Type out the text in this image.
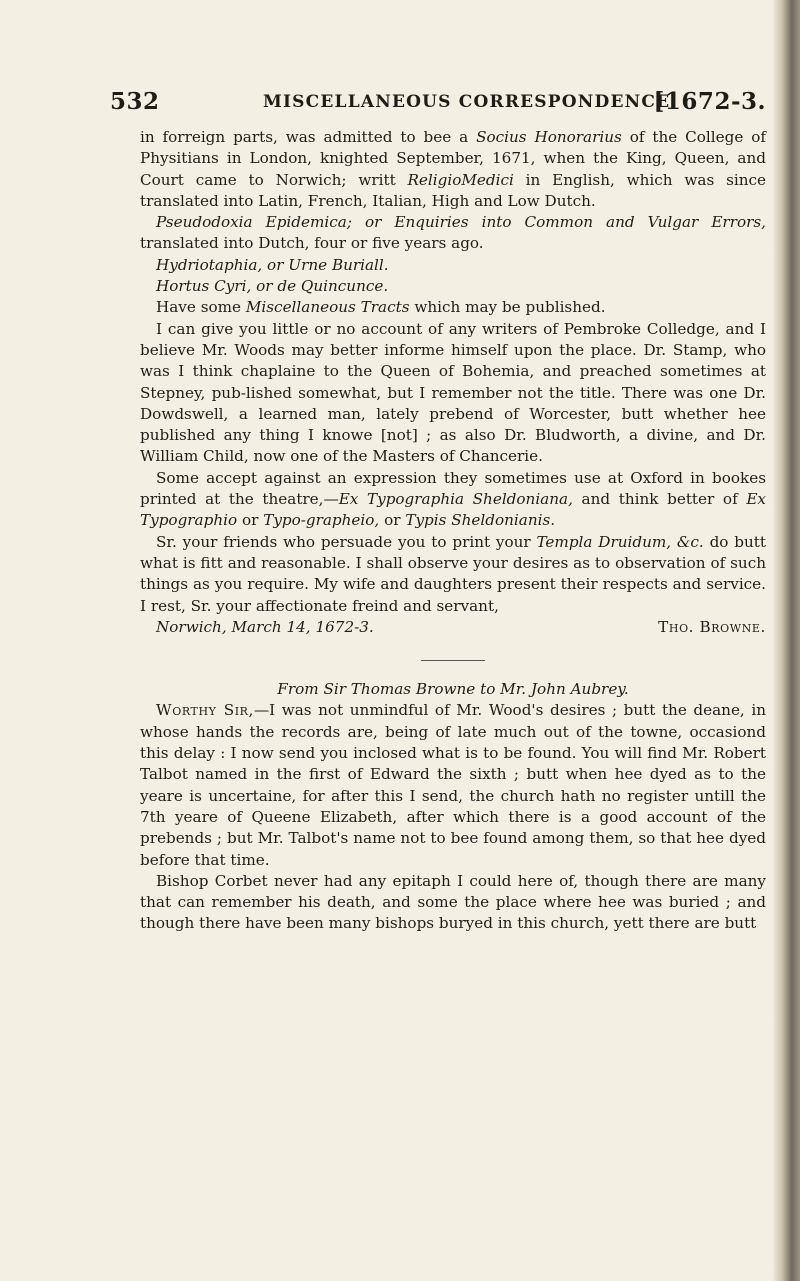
532	MISCELLANEOUS CORRESPONDENCE.
[1672-3.

in forreign parts, was admitted to bee a Socius Honorarius of the College of Physitians in London, knighted September, 1671, when the King, Queen, and Court came to Norwich; writt ReligioMedici in English, which was since translated into Latin, French, Italian, High and Low Dutch.

Pseudodoxia Epidemica; or Enquiries into Common and Vulgar Errors, translated into Dutch, four or five years ago.

Hydriotaphia, or Urne Buriall.

Hortus Cyri, or de Quincunce.

Have some Miscellaneous Tracts which may be published.

I can give you little or no account of any writers of Pembroke Colledge, and I believe Mr. Woods may better informe himself upon the place. Dr. Stamp, who was I think chaplaine to the Queen of Bohemia, and preached sometimes at Stepney, pub-lished somewhat, but I remember not the title. There was one Dr. Dowdswell, a learned man, lately prebend of Worcester, butt whether hee published any thing I knowe [not] ; as also Dr. Bludworth, a divine, and Dr. William Child, now one of the Masters of Chancerie.

Some accept against an expression they sometimes use at Oxford in bookes printed at the theatre,—Ex Typographia Sheldoniana, and think better of Ex Typographio or Typo-grapheio, or Typis Sheldonianis.

Sr. your friends who persuade you to print your Templa Druidum, &c. do butt what is fitt and reasonable. I shall observe your desires as to observation of such things as you require. My wife and daughters present their respects and service. I rest, Sr. your affectionate freind and servant,

Norwich, March 14, 1672-3.	Tho. Browne.

From Sir Thomas Browne to Mr. John Aubrey.

Worthy Sir,—I was not unmindful of Mr. Wood's desires ; butt the deane, in whose hands the records are, being of late much out of the towne, occasiond this delay : I now send you inclosed what is to be found. You will find Mr. Robert Talbot named in the first of Edward the sixth ; butt when hee dyed as to the yeare is uncertaine, for after this I send, the church hath no register untill the 7th yeare of Queene Elizabeth, after which there is a good account of the prebends ; but Mr. Talbot's name not to bee found among them, so that hee dyed before that time.

Bishop Corbet never had any epitaph I could here of, though there are many that can remember his death, and some the place where hee was buried ; and though there have been many bishops buryed in this church, yett there are butt
